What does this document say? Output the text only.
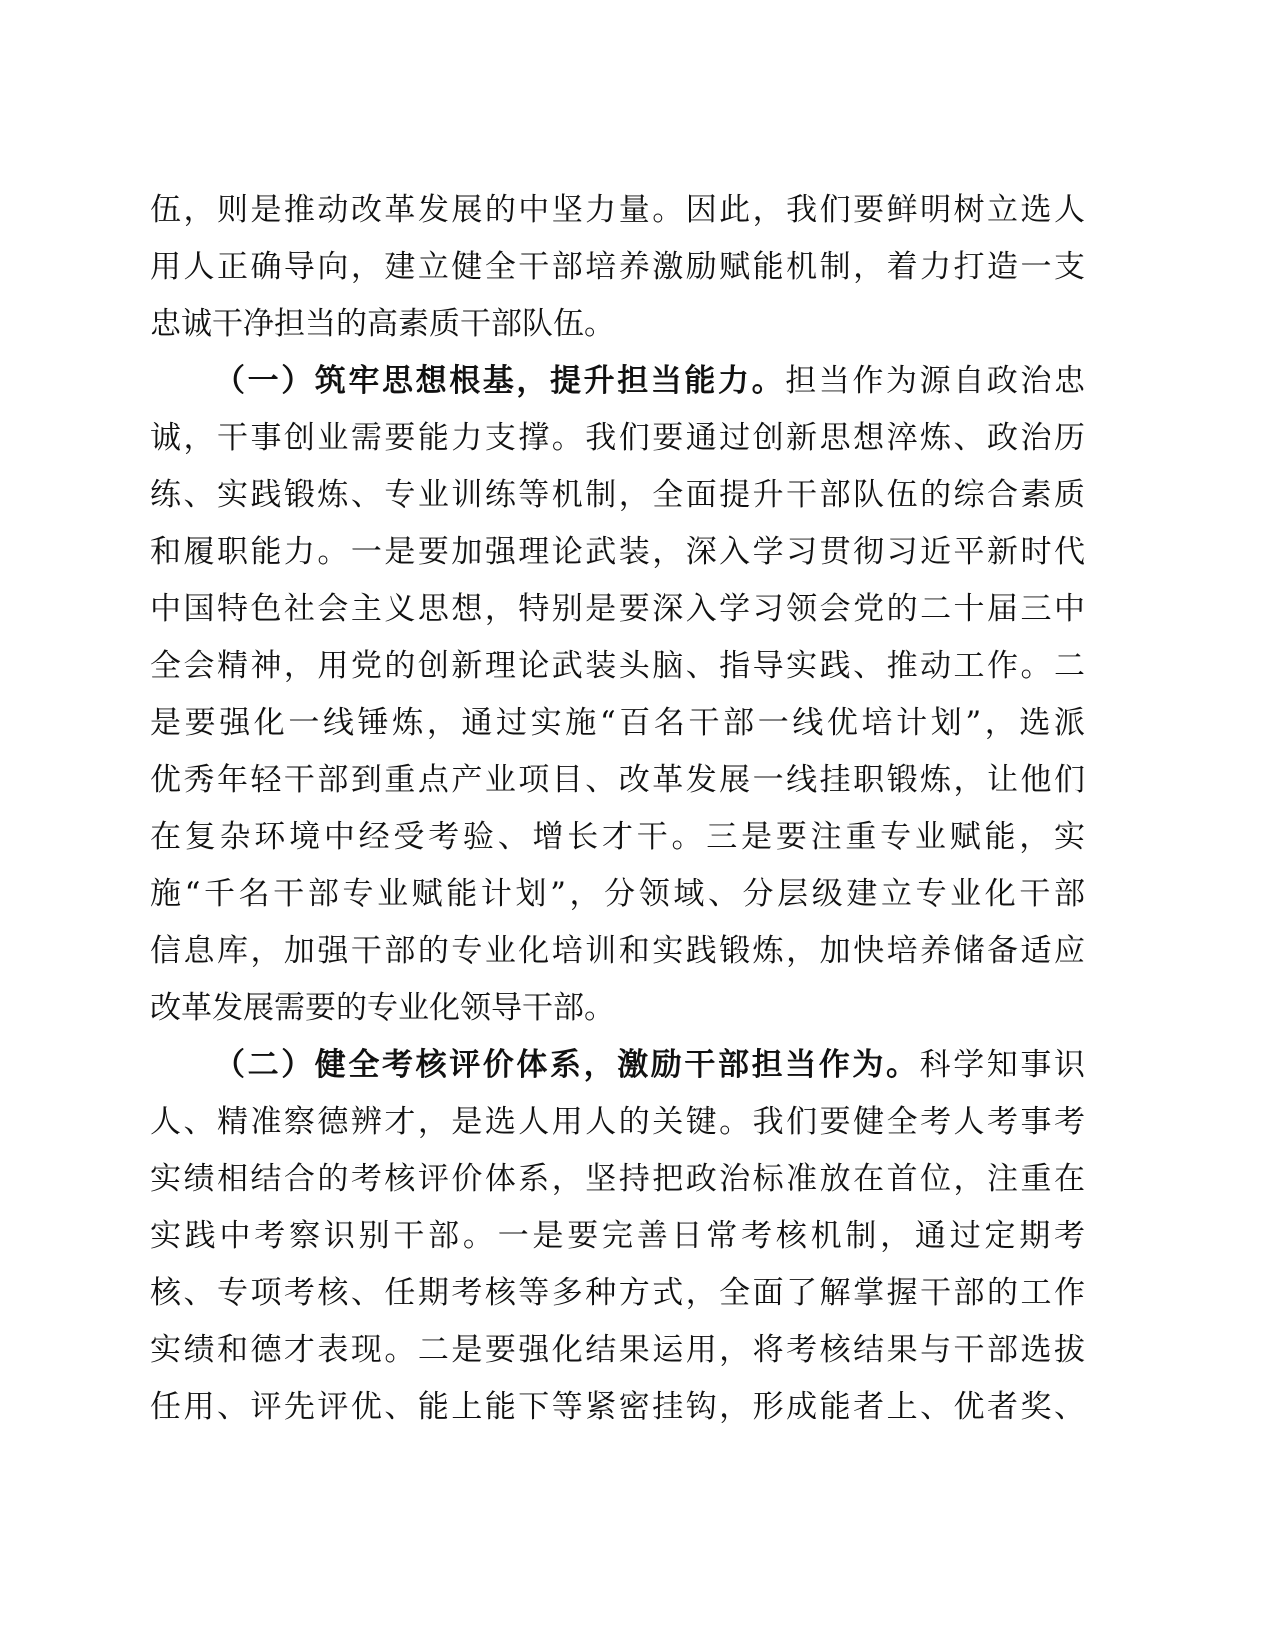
伍，则是推动改革发展的中坚力量。因此，我们要鲜明树立选人
用人正确导向，建立健全干部培养激励赋能机制，着力打造一支
忠诚干净担当的高素质干部队伍。
（一）筑牢思想根基，提升担当能力。担当作为源自政治忠
诚，干事创业需要能力支撑。我们要通过创新思想淬炼、政治历
练、实践锻炼、专业训练等机制，全面提升干部队伍的综合素质
和履职能力。一是要加强理论武装，深入学习贯彻习近平新时代
中国特色社会主义思想，特别是要深入学习领会党的二十届三中
全会精神，用党的创新理论武装头脑、指导实践、推动工作。二
是要强化一线锤炼，通过实施“百名干部一线优培计划”，选派
优秀年轻干部到重点产业项目、改革发展一线挂职锻炼，让他们
在复杂环境中经受考验、增长才干。三是要注重专业赋能，实
施“千名干部专业赋能计划”，分领域、分层级建立专业化干部
信息库，加强干部的专业化培训和实践锻炼，加快培养储备适应
改革发展需要的专业化领导干部。
（二）健全考核评价体系，激励干部担当作为。科学知事识
人、精准察德辨才，是选人用人的关键。我们要健全考人考事考
实绩相结合的考核评价体系，坚持把政治标准放在首位，注重在
实践中考察识别干部。一是要完善日常考核机制，通过定期考
核、专项考核、任期考核等多种方式，全面了解掌握干部的工作
实绩和德才表现。二是要强化结果运用，将考核结果与干部选拔
任用、评先评优、能上能下等紧密挂钩，形成能者上、优者奖、
